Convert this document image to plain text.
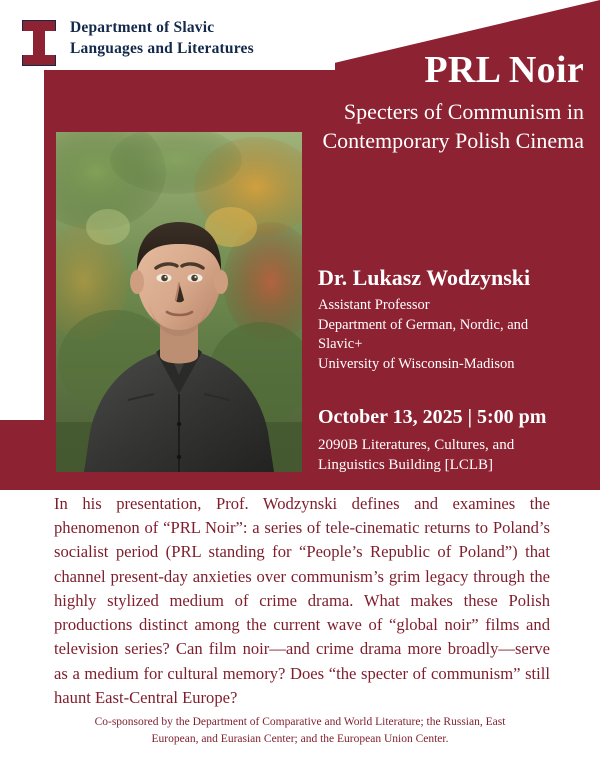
Department of Slavic Languages and Literatures
PRL Noir
Specters of Communism in Contemporary Polish Cinema
Dr. Lukasz Wodzynski
Assistant Professor
Department of German, Nordic, and
Slavic+
University of Wisconsin-Madison
October 13, 2025 | 5:00 pm
2090B Literatures, Cultures, and
Linguistics Building [LCLB]
In his presentation, Prof. Wodzynski defines and examines the phenomenon of “PRL Noir”: a series of tele-cinematic returns to Poland’s socialist period (PRL standing for “People’s Republic of Poland”) that channel present-day anxieties over communism’s grim legacy through the highly stylized medium of crime drama. What makes these Polish productions distinct among the current wave of “global noir” films and television series? Can film noir—and crime drama more broadly—serve as a medium for cultural memory? Does “the specter of communism” still haunt East-Central Europe?
Co-sponsored by the Department of Comparative and World Literature; the Russian, East
European, and Eurasian Center; and the European Union Center.
